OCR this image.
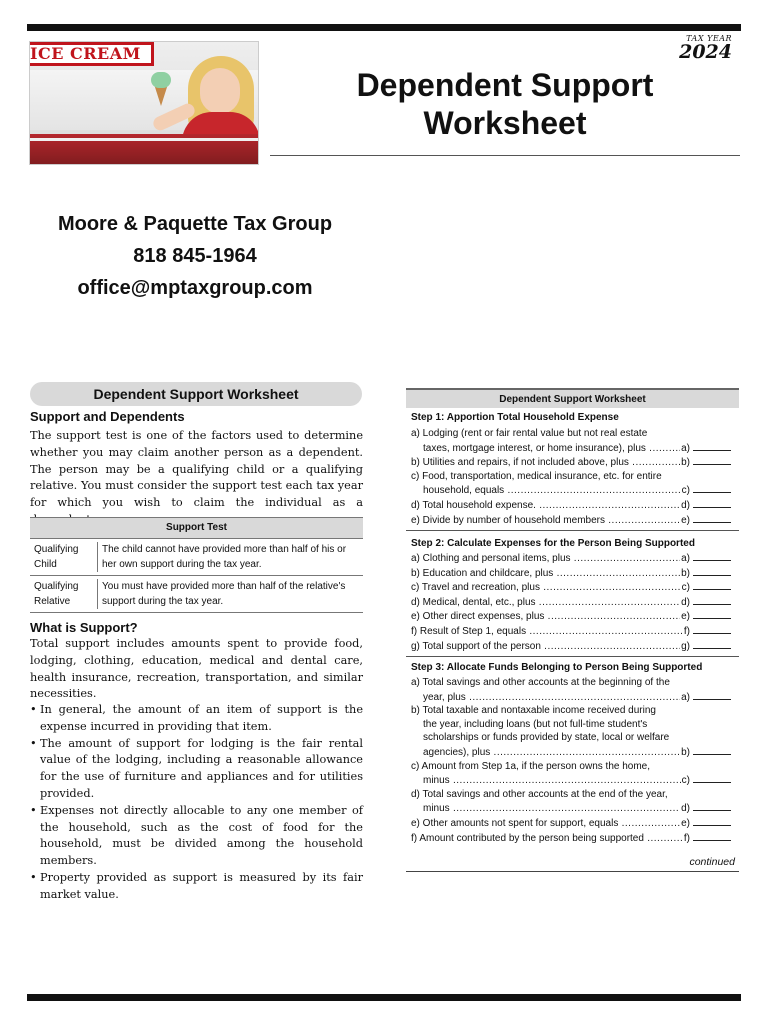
ICE CREAM
TAX YEAR
2024
Dependent Support
Worksheet
Moore & Paquette Tax Group
818 845-1964
office@mptaxgroup.com
Dependent Support Worksheet
Support and Dependents
The support test is one of the factors used to determine whether you may claim another person as a dependent. The person may be a qualifying child or a qualifying relative. You must consider the support test each tax year for which you wish to claim the individual as a
Support Test
Qualifying Child
The child cannot have provided more than half of his or her own support during the tax year.
Qualifying Relative
You must have provided more than half of the relative's support during the tax year.
What is Support?
Total support includes amounts spent to provide food, lodging, clothing, education, medical and dental care, health insurance, recreation, transportation, and similar necessities.
• In general, the amount of an item of support is the expense incurred in providing that item.
• The amount of support for lodging is the fair rental value of the lodging, including a reasonable allowance for the use of furniture and appliances and for utilities provided.
• Expenses not directly allocable to any one member of the household, such as the cost of food for the household, must be divided among the household members.
• Property provided as support is measured by its fair market value.
Dependent Support Worksheet
Step 1: Apportion Total Household Expense
a) Lodging (rent or fair rental value but not real estate
taxes, mortgage interest, or home insurance), plus .....	a)
b) Utilities and repairs, if not included above, plus .....	b)
c) Food, transportation, medical insurance, etc. for entire
household, equals .....	c)
d) Total household expense. .....	d)
e) Divide by number of household members .....	e)
Step 2: Calculate Expenses for the Person Being Supported
a) Clothing and personal items, plus .....	a)
b) Education and childcare, plus .....	b)
c) Travel and recreation, plus .....	c)
d) Medical, dental, etc., plus .....	d)
e) Other direct expenses, plus .....	e)
f) Result of Step 1, equals .....	f)
g) Total support of the person .....	g)
Step 3: Allocate Funds Belonging to Person Being Supported
a) Total savings and other accounts at the beginning of the
year, plus .....	a)
b) Total taxable and nontaxable income received during
the year, including loans (but not full-time student's
scholarships or funds provided by state, local or welfare
agencies), plus .....	b)
c) Amount from Step 1a, if the person owns the home,
minus .....	c)
d) Total savings and other accounts at the end of the year,
minus .....	d)
e) Other amounts not spent for support, equals .....	e)
f) Amount contributed by the person being supported .....	f)
continued
